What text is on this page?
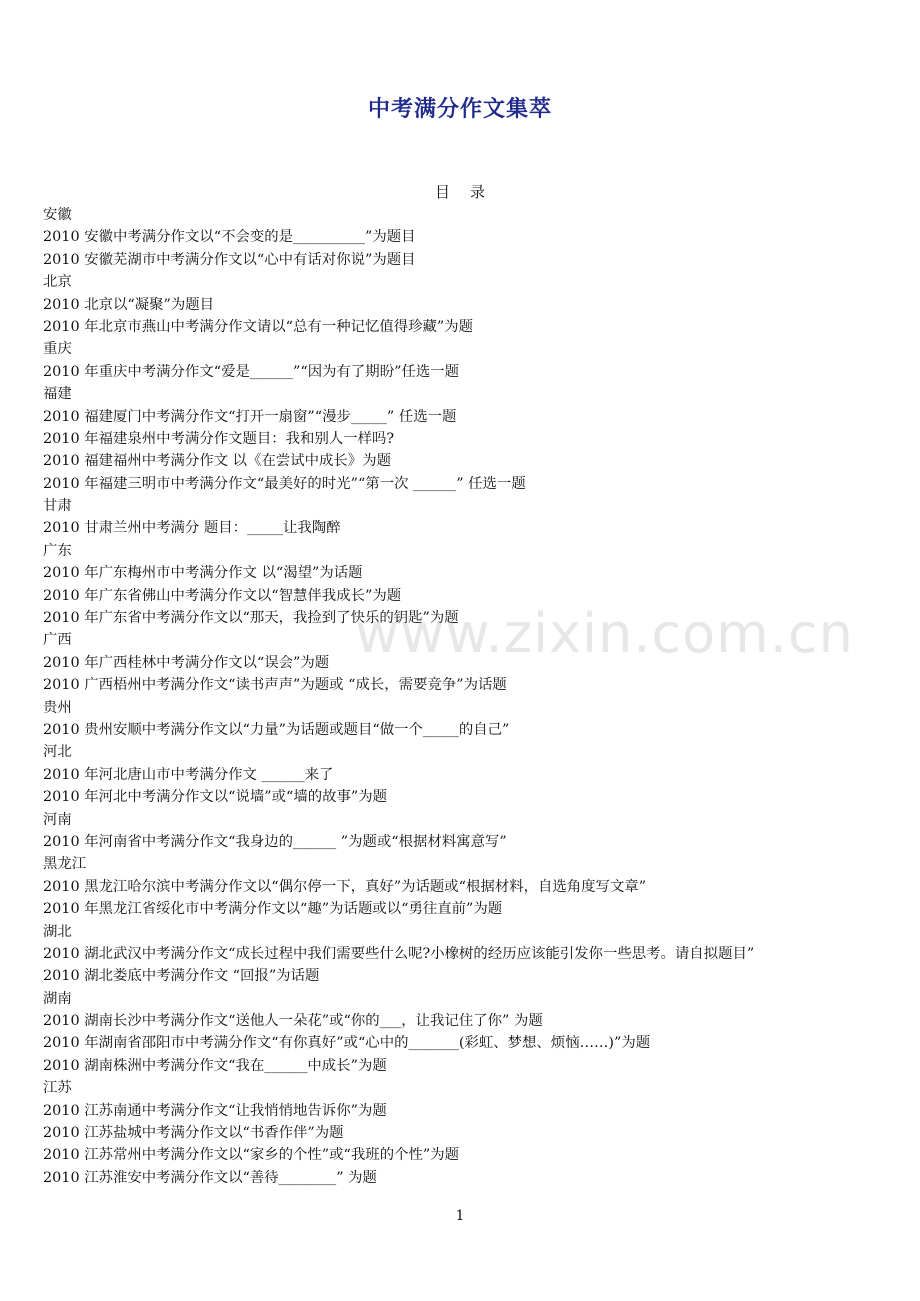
中考满分作文集萃
目 录
安徽
2010 安徽中考满分作文以“不会变的是__________”为题目
2010 安徽芜湖市中考满分作文以“心中有话对你说”为题目
北京
2010 北京以“凝聚”为题目
2010 年北京市燕山中考满分作文请以“总有一种记忆值得珍藏”为题
重庆
2010 年重庆中考满分作文“爱是______”“因为有了期盼”任选一题
福建
2010 福建厦门中考满分作文“打开一扇窗”“漫步_____” 任选一题
2010 年福建泉州中考满分作文题目：我和别人一样吗?
2010 福建福州中考满分作文 以《在尝试中成长》为题
2010 年福建三明市中考满分作文“最美好的时光”“第一次 ______” 任选一题
甘肃
2010 甘肃兰州中考满分 题目：_____让我陶醉
广东
2010 年广东梅州市中考满分作文 以“渴望”为话题
2010 年广东省佛山中考满分作文以“智慧伴我成长”为题
2010 年广东省中考满分作文以“那天，我捡到了快乐的钥匙”为题
广西
2010 年广西桂林中考满分作文以“误会”为题
2010 广西梧州中考满分作文“读书声声”为题或 “成长，需要竞争”为话题
贵州
2010 贵州安顺中考满分作文以“力量”为话题或题目“做一个_____的自己”
河北
2010 年河北唐山市中考满分作文 ______来了
2010 年河北中考满分作文以“说墙”或“墙的故事”为题
河南
2010 年河南省中考满分作文“我身边的______ ”为题或“根据材料寓意写”
黑龙江
2010 黑龙江哈尔滨中考满分作文以“偶尔停一下，真好”为话题或“根据材料，自选角度写文章”
2010 年黑龙江省绥化市中考满分作文以“趣”为话题或以“勇往直前”为题
湖北
2010 湖北武汉中考满分作文“成长过程中我们需要些什么呢?小橡树的经历应该能引发你一些思考。请自拟题目”
2010 湖北娄底中考满分作文 “回报”为话题
湖南
2010 湖南长沙中考满分作文“送他人一朵花”或“你的___，让我记住了你” 为题
2010 年湖南省邵阳市中考满分作文“有你真好”或“心中的_______(彩虹、梦想、烦恼……)”为题
2010 湖南株洲中考满分作文“我在______中成长”为题
江苏
2010 江苏南通中考满分作文“让我悄悄地告诉你”为题
2010 江苏盐城中考满分作文以“书香作伴”为题
2010 江苏常州中考满分作文以“家乡的个性”或“我班的个性”为题
2010 江苏淮安中考满分作文以“善待________” 为题
www.zixin.com.cn
1
